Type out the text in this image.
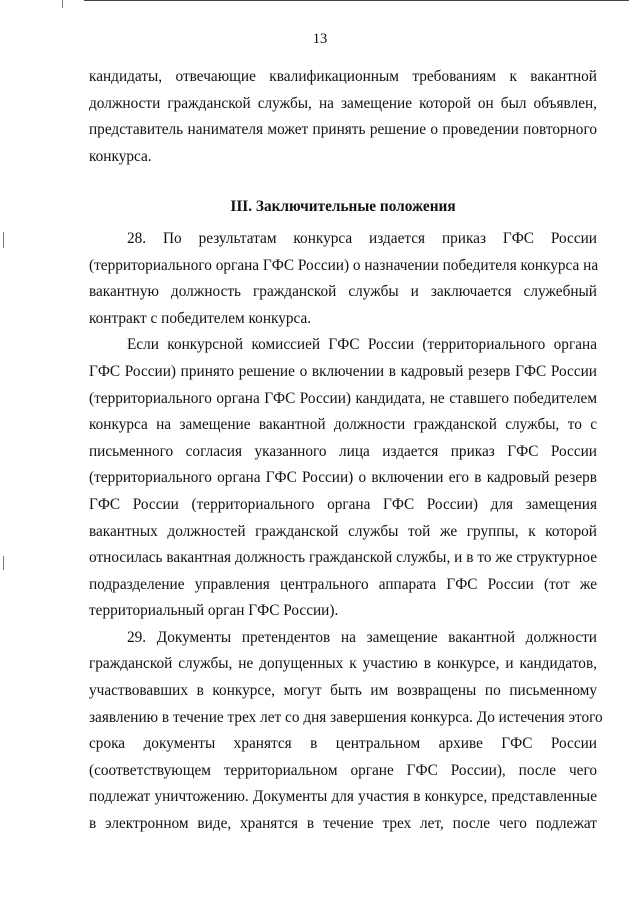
13

кандидаты, отвечающие квалификационным требованиям к вакантной
должности гражданской службы, на замещение которой он был объявлен,
представитель нанимателя может принять решение о проведении повторного
конкурса.

III. Заключительные положения

28. По результатам конкурса издается приказ ГФС России
(территориального органа ГФС России) о назначении победителя конкурса на
вакантную должность гражданской службы и заключается служебный
контракт с победителем конкурса.

Если конкурсной комиссией ГФС России (территориального органа
ГФС России) принято решение о включении в кадровый резерв ГФС России
(территориального органа ГФС России) кандидата, не ставшего победителем
конкурса на замещение вакантной должности гражданской службы, то с
письменного согласия указанного лица издается приказ ГФС России
(территориального органа ГФС России) о включении его в кадровый резерв
ГФС России (территориального органа ГФС России) для замещения
вакантных должностей гражданской службы той же группы, к которой
относилась вакантная должность гражданской службы, и в то же структурное
подразделение управления центрального аппарата ГФС России (тот же
территориальный орган ГФС России).

29. Документы претендентов на замещение вакантной должности
гражданской службы, не допущенных к участию в конкурсе, и кандидатов,
участвовавших в конкурсе, могут быть им возвращены по письменному
заявлению в течение трех лет со дня завершения конкурса. До истечения этого
срока документы хранятся в центральном архиве ГФС России
(соответствующем территориальном органе ГФС России), после чего
подлежат уничтожению. Документы для участия в конкурсе, представленные
в электронном виде, хранятся в течение трех лет, после чего подлежат
